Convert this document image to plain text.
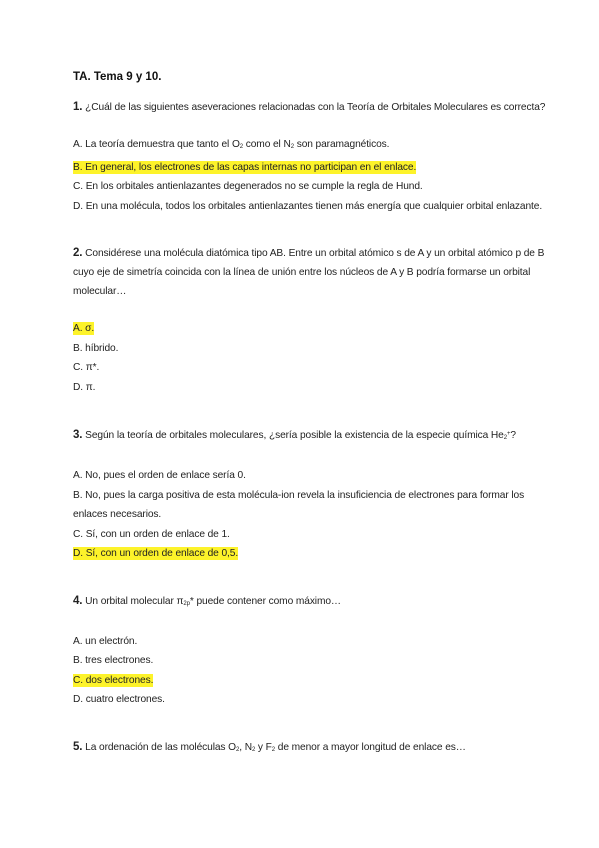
TA. Tema 9 y 10.

1. ¿Cuál de las siguientes aseveraciones relacionadas con la Teoría de Orbitales Moleculares es correcta?

A. La teoría demuestra que tanto el $O_2$ como el $N_2$ son paramagnéticos.
B. En general, los electrones de las capas internas no participan en el enlace.
C. En los orbitales antienlazantes degenerados no se cumple la regla de Hund.
D. En una molécula, todos los orbitales antienlazantes tienen más energía que cualquier orbital enlazante.

2. Considérese una molécula diatómica tipo AB. Entre un orbital atómico s de A y un orbital atómico p de B cuyo eje de simetría coincida con la línea de unión entre los núcleos de A y B podría formarse un orbital molecular…

A. σ.
B. híbrido.
C. π*.
D. π.

3. Según la teoría de orbitales moleculares, ¿sería posible la existencia de la especie química $He_2^+$?

A. No, pues el orden de enlace sería 0.
B. No, pues la carga positiva de esta molécula-ion revela la insuficiencia de electrones para formar los enlaces necesarios.
C. Sí, con un orden de enlace de 1.
D. Sí, con un orden de enlace de 0,5.

4. Un orbital molecular $\pi_{2p}*$ puede contener como máximo…

A. un electrón.
B. tres electrones.
C. dos electrones.
D. cuatro electrones.

5. La ordenación de las moléculas $O_2$, $N_2$ y $F_2$ de menor a mayor longitud de enlace es…
